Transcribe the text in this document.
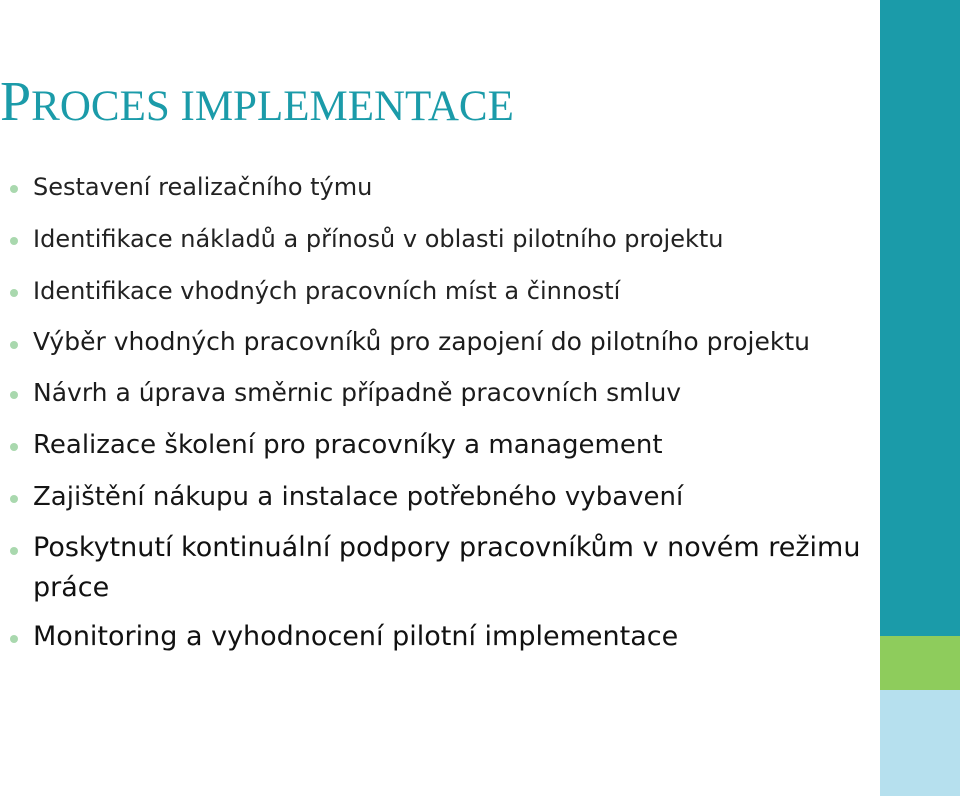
PROCES IMPLEMENTACE
Sestavení realizačního týmu
Identifikace nákladů a přínosů v oblasti pilotního projektu
Identifikace vhodných pracovních míst a činností
Výběr vhodných pracovníků pro zapojení do pilotního projektu
Návrh a úprava směrnic případně pracovních smluv
Realizace školení pro pracovníky a management
Zajištění nákupu a instalace potřebného vybavení
Poskytnutí kontinuální podpory pracovníkům v novém režimu práce
Monitoring a vyhodnocení pilotní implementace
